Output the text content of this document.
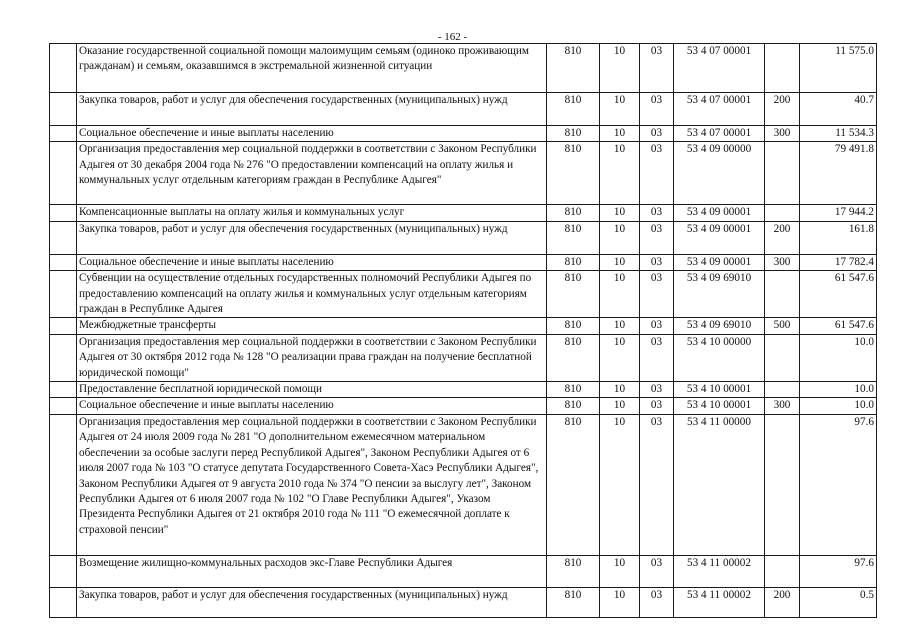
- 162 -
	Оказание государственной социальной помощи малоимущим семьям (одиноко проживающим гражданам) и семьям, оказавшимся в экстремальной жизненной ситуации	810	10	03	53 4 07 00001		11 575.0
	Закупка товаров, работ и услуг для обеспечения государственных (муниципальных) нужд	810	10	03	53 4 07 00001	200	40.7
	Социальное обеспечение и иные выплаты населению	810	10	03	53 4 07 00001	300	11 534.3
	Организация предоставления мер социальной поддержки в соответствии с Законом Республики Адыгея от 30 декабря 2004 года № 276 "О предоставлении компенсаций на оплату жилья и коммунальных услуг отдельным категориям граждан в Республике Адыгея"	810	10	03	53 4 09 00000		79 491.8
	Компенсационные выплаты на оплату жилья и коммунальных услуг	810	10	03	53 4 09 00001		17 944.2
	Закупка товаров, работ и услуг для обеспечения государственных (муниципальных) нужд	810	10	03	53 4 09 00001	200	161.8
	Социальное обеспечение и иные выплаты населению	810	10	03	53 4 09 00001	300	17 782.4
	Субвенции на осуществление отдельных государственных полномочий Республики Адыгея по предоставлению компенсаций на оплату жилья и коммунальных услуг отдельным категориям граждан в Республике Адыгея	810	10	03	53 4 09 69010		61 547.6
	Межбюджетные трансферты	810	10	03	53 4 09 69010	500	61 547.6
	Организация предоставления мер социальной поддержки в соответствии с Законом Республики Адыгея от 30 октября 2012 года № 128 "О реализации права граждан на получение бесплатной юридической помощи"	810	10	03	53 4 10 00000		10.0
	Предоставление бесплатной юридической помощи	810	10	03	53 4 10 00001		10.0
	Социальное обеспечение и иные выплаты населению	810	10	03	53 4 10 00001	300	10.0
	Организация предоставления мер социальной поддержки в соответствии с Законом Республики Адыгея от 24 июля 2009 года № 281 "О дополнительном ежемесячном материальном обеспечении за особые заслуги перед Республикой Адыгея", Законом Республики Адыгея от 6 июля 2007 года № 103 "О статусе депутата Государственного Совета-Хасэ Республики Адыгея", Законом Республики Адыгея от 9 августа 2010 года № 374 "О пенсии за выслугу лет", Законом Республики Адыгея от 6 июля 2007 года № 102 "О Главе Республики Адыгея", Указом Президента Республики Адыгея от 21 октября 2010 года № 111 "О ежемесячной доплате к страховой пенсии"	810	10	03	53 4 11 00000		97.6
	Возмещение жилищно-коммунальных расходов экс-Главе Республики Адыгея	810	10	03	53 4 11 00002		97.6
	Закупка товаров, работ и услуг для обеспечения государственных (муниципальных) нужд	810	10	03	53 4 11 00002	200	0.5
